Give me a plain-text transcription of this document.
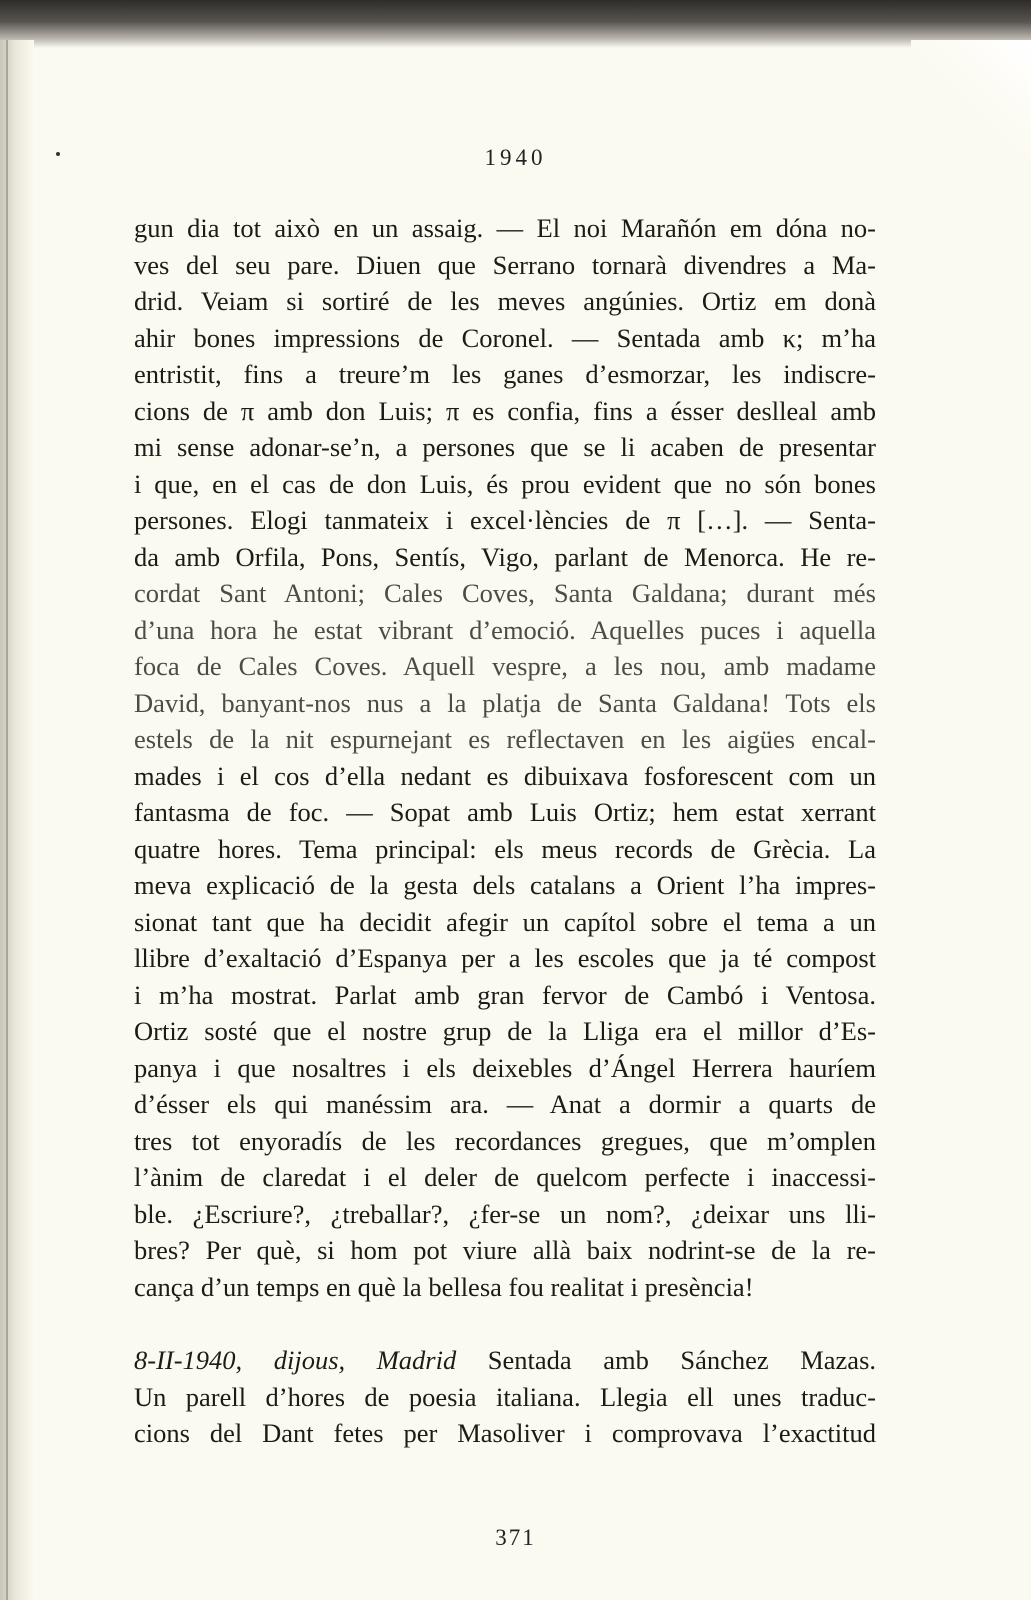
1940
gun dia tot això en un assaig. — El noi Marañón em dóna no-
ves del seu pare. Diuen que Serrano tornarà divendres a Ma-
drid. Veiam si sortiré de les meves angúnies. Ortiz em donà
ahir bones impressions de Coronel. — Sentada amb κ; m’ha
entristit, fins a treure’m les ganes d’esmorzar, les indiscre-
cions de π amb don Luis; π es confia, fins a ésser deslleal amb
mi sense adonar-se’n, a persones que se li acaben de presentar
i que, en el cas de don Luis, és prou evident que no són bones
persones. Elogi tanmateix i excel·lències de π […]. — Senta-
da amb Orfila, Pons, Sentís, Vigo, parlant de Menorca. He re-
cordat Sant Antoni; Cales Coves, Santa Galdana; durant més
d’una hora he estat vibrant d’emoció. Aquelles puces i aquella
foca de Cales Coves. Aquell vespre, a les nou, amb madame
David, banyant-nos nus a la platja de Santa Galdana! Tots els
estels de la nit espurnejant es reflectaven en les aigües encal-
mades i el cos d’ella nedant es dibuixava fosforescent com un
fantasma de foc. — Sopat amb Luis Ortiz; hem estat xerrant
quatre hores. Tema principal: els meus records de Grècia. La
meva explicació de la gesta dels catalans a Orient l’ha impres-
sionat tant que ha decidit afegir un capítol sobre el tema a un
llibre d’exaltació d’Espanya per a les escoles que ja té compost
i m’ha mostrat. Parlat amb gran fervor de Cambó i Ventosa.
Ortiz sosté que el nostre grup de la Lliga era el millor d’Es-
panya i que nosaltres i els deixebles d’Ángel Herrera hauríem
d’ésser els qui manéssim ara. — Anat a dormir a quarts de
tres tot enyoradís de les recordances gregues, que m’omplen
l’ànim de claredat i el deler de quelcom perfecte i inaccessi-
ble. ¿Escriure?, ¿treballar?, ¿fer-se un nom?, ¿deixar uns lli-
bres? Per què, si hom pot viure allà baix nodrint-se de la re-
cança d’un temps en què la bellesa fou realitat i presència!
8-II-1940, dijous, Madrid Sentada amb Sánchez Mazas.
Un parell d’hores de poesia italiana. Llegia ell unes traduc-
cions del Dant fetes per Masoliver i comprovava l’exactitud
371
